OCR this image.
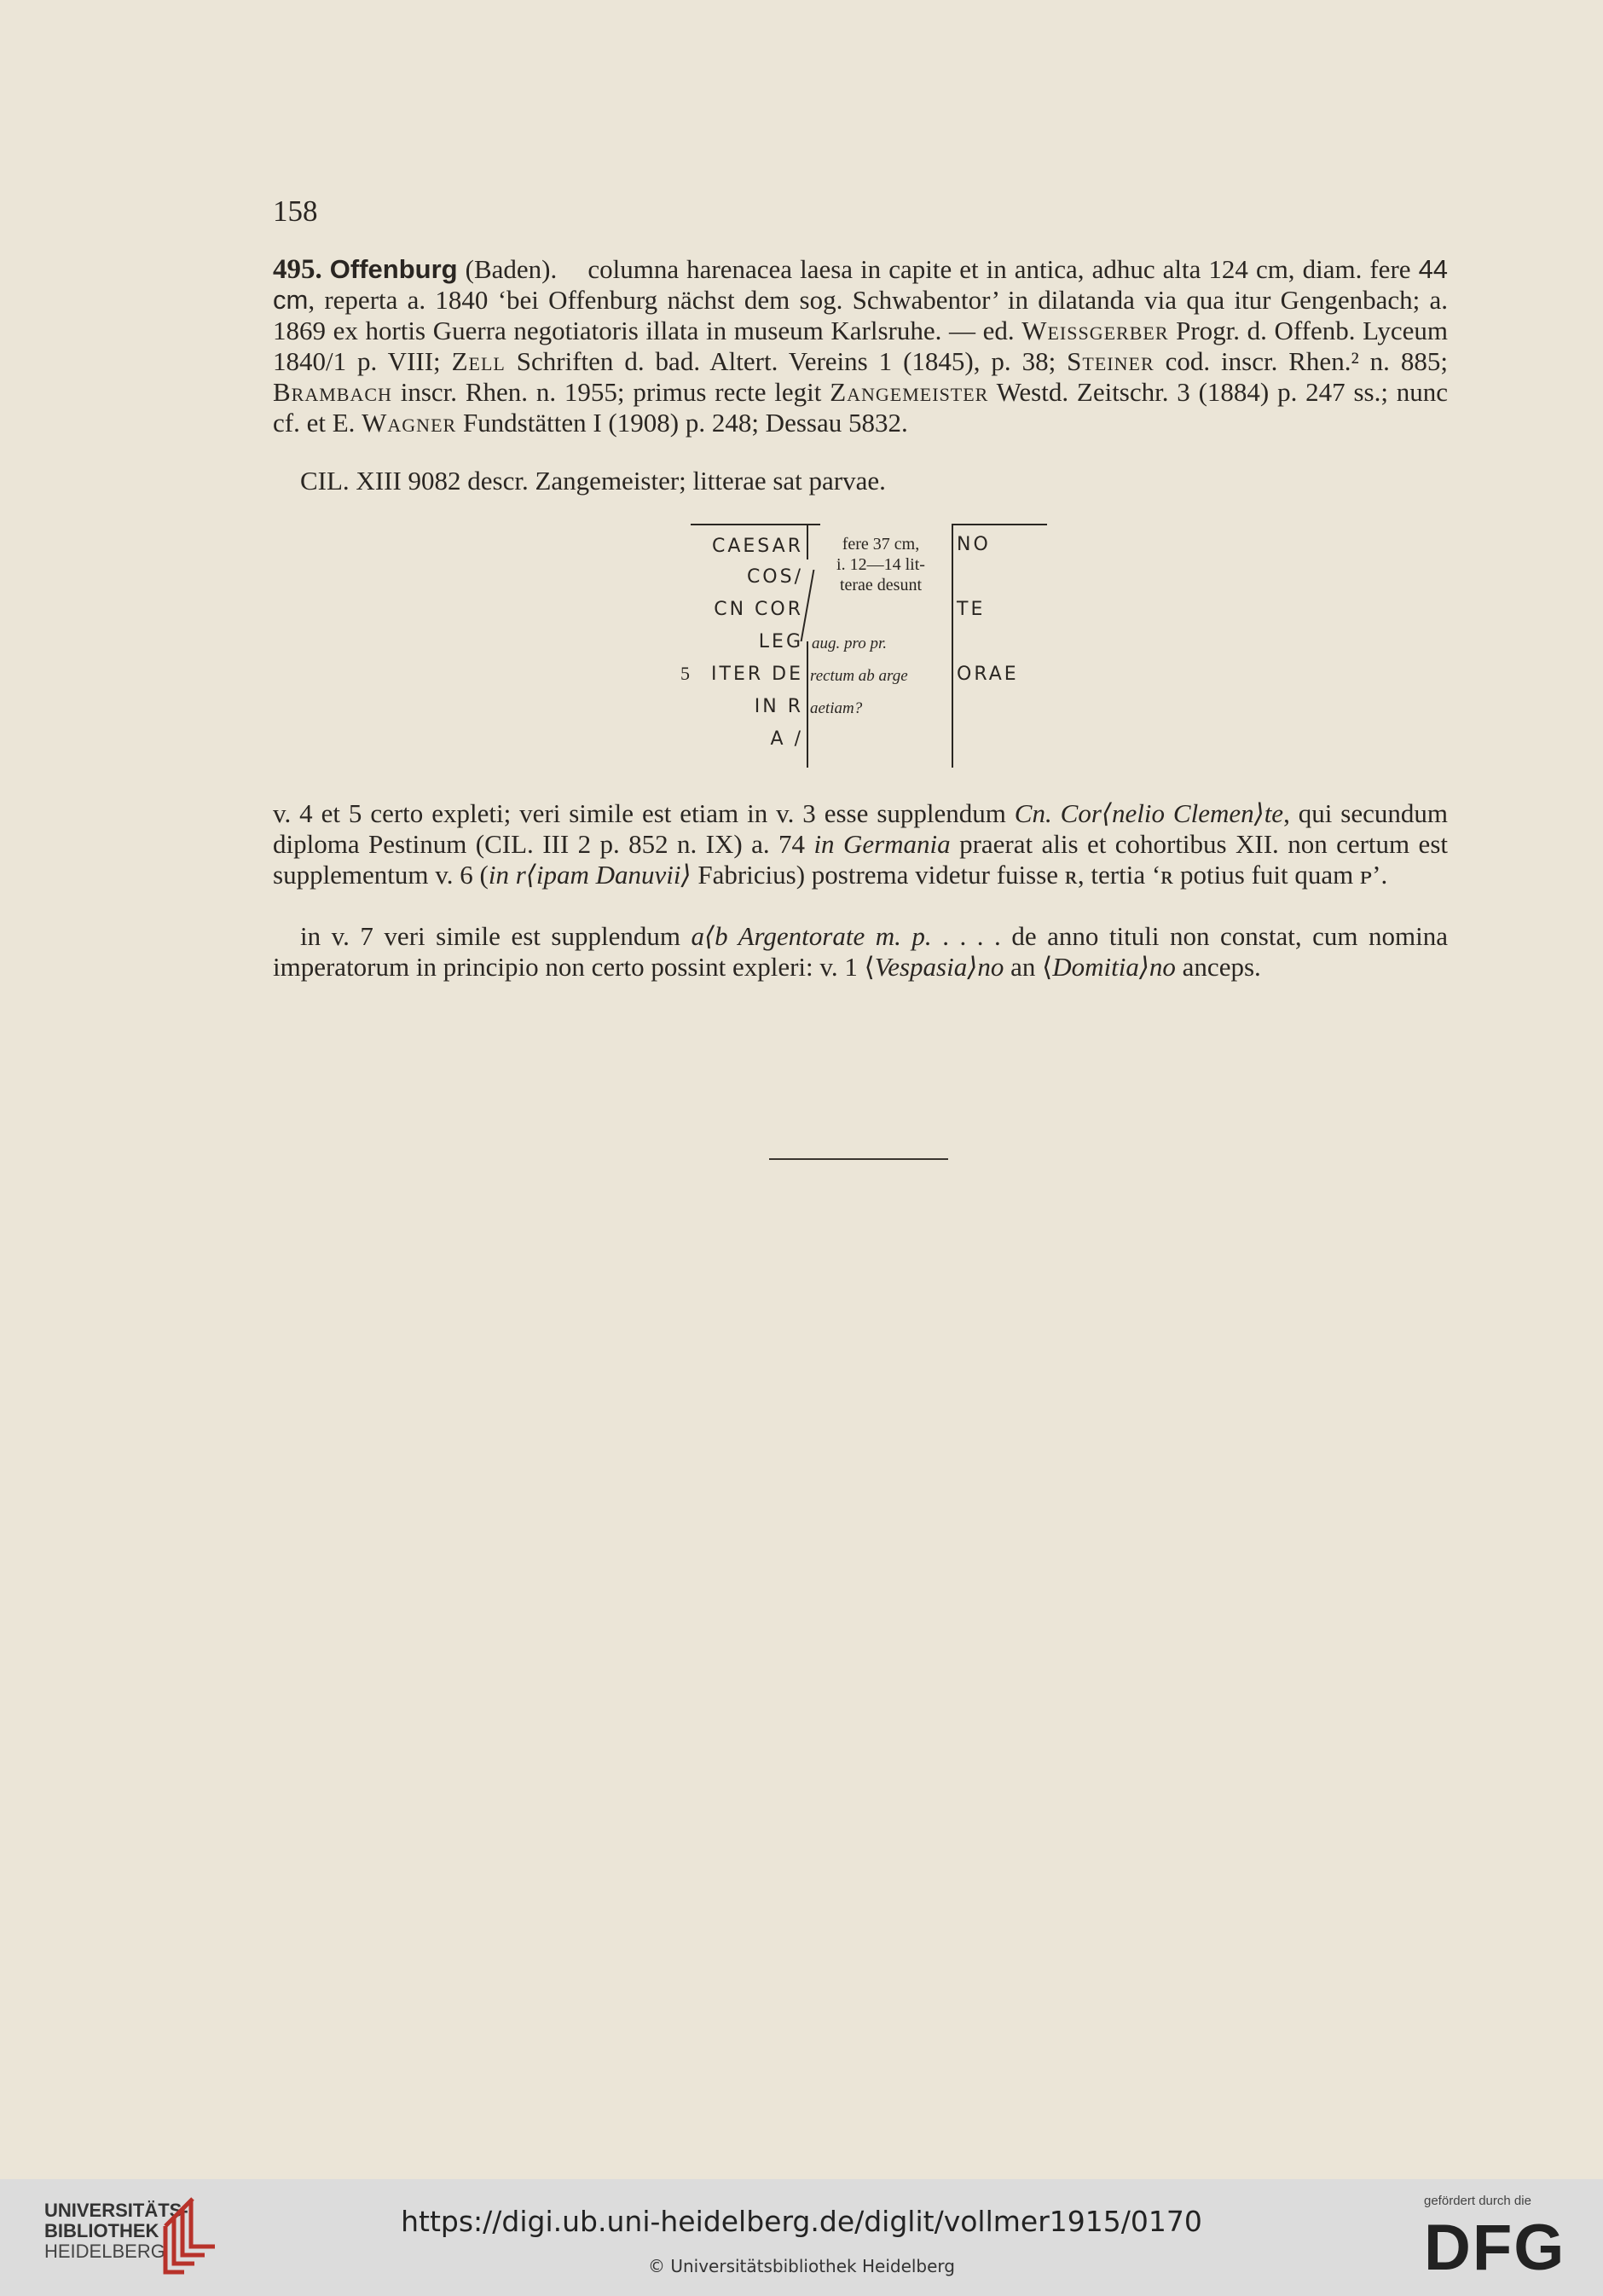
158
495. Offenburg (Baden). columna harenacea laesa in capite et in antica, adhuc alta 124 cm, diam. fere 44 cm, reperta a. 1840 ‘bei Offenburg nächst dem sog. Schwabentor’ in dilatanda via qua itur Gengenbach; a. 1869 ex hortis Guerra negotiatoris illata in museum Karlsruhe. — ed. Weissgerber Progr. d. Offenb. Lyceum 1840/1 p. VIII; Zell Schriften d. bad. Altert. Vereins 1 (1845), p. 38; Steiner cod. inscr. Rhen.² n. 885; Brambach inscr. Rhen. n. 1955; primus recte legit Zangemeister Westd. Zeitschr. 3 (1884) p. 247 ss.; nunc cf. et E. Wagner Fundstätten I (1908) p. 248; Dessau 5832.
CIL. XIII 9082 descr. Zangemeister; litterae sat parvae.
CAESAR
COS/
CN COR
LEG
ITER DE
IN R
A /
5
fere 37 cm,
i. 12—14 lit-
terae desunt
aug. pro pr.
rectum ab arge
aetiam?
NO
TE
ORAE
v. 4 et 5 certo expleti; veri simile est etiam in v. 3 esse supplendum Cn. Cor⟨nelio Clemen⟩te, qui secundum diploma Pestinum (CIL. III 2 p. 852 n. IX) a. 74 in Germania praerat alis et cohortibus XII. non certum est supplementum v. 6 (in r⟨ipam Danuvii⟩ Fabricius) postrema videtur fuisse ʀ, tertia ‘ʀ potius fuit quam ᴘ’.
in v. 7 veri simile est supplendum a⟨b Argentorate m. p. . . . . de anno tituli non constat, cum nomina imperatorum in principio non certo possint expleri: v. 1 ⟨Vespasia⟩no an ⟨Domitia⟩no anceps.
UNIVERSITÄTS-
BIBLIOTHEK
HEIDELBERG
https://digi.ub.uni-heidelberg.de/diglit/vollmer1915/0170
© Universitätsbibliothek Heidelberg
gefördert durch die
DFG
